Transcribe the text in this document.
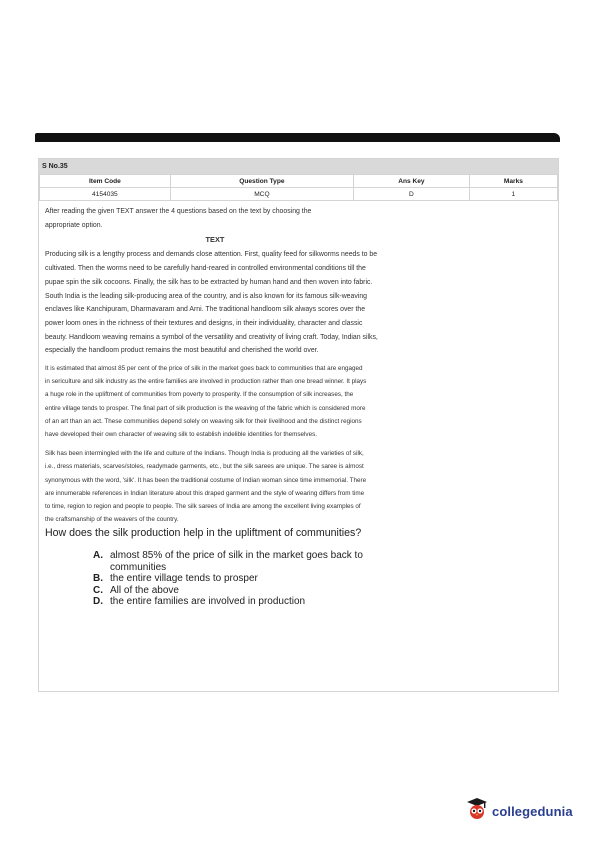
S No.35
Item Code	Question Type	Ans Key	Marks
4154035	MCQ	D	1

After reading the given TEXT answer the 4 questions based on the text by choosing the appropriate option.

TEXT

Producing silk is a lengthy process and demands close attention. First, quality feed for silkworms needs to be cultivated. Then the worms need to be carefully hand-reared in controlled environmental conditions till the pupae spin the silk cocoons. Finally, the silk has to be extracted by human hand and then woven into fabric. South India is the leading silk-producing area of the country, and is also known for its famous silk-weaving enclaves like Kanchipuram, Dharmavaram and Arni. The traditional handloom silk always scores over the power loom ones in the richness of their textures and designs, in their individuality, character and classic beauty. Handloom weaving remains a symbol of the versatility and creativity of living craft. Today, Indian silks, especially the handloom product remains the most beautiful and cherished the world over.

It is estimated that almost 85 per cent of the price of silk in the market goes back to communities that are engaged in sericulture and silk industry as the entire families are involved in production rather than one bread winner. It plays a huge role in the upliftment of communities from poverty to prosperity. If the consumption of silk increases, the entire village tends to prosper. The final part of silk production is the weaving of the fabric which is considered more of an art than an act. These communities depend solely on weaving silk for their livelihood and the distinct regions have developed their own character of weaving silk to establish indelible identities for themselves.

Silk has been intermingled with the life and culture of the Indians. Though India is producing all the varieties of silk, i.e., dress materials, scarves/stoles, readymade garments, etc., but the silk sarees are unique. The saree is almost synonymous with the word, 'silk'. It has been the traditional costume of Indian woman since time immemorial. There are innumerable references in Indian literature about this draped garment and the style of wearing differs from time to time, region to region and people to people. The silk sarees of India are among the excellent living examples of the craftsmanship of the weavers of the country.

How does the silk production help in the upliftment of communities?

A. almost 85% of the price of silk in the market goes back to communities
B. the entire village tends to prosper
C. All of the above
D. the entire families are involved in production
collegedunia
